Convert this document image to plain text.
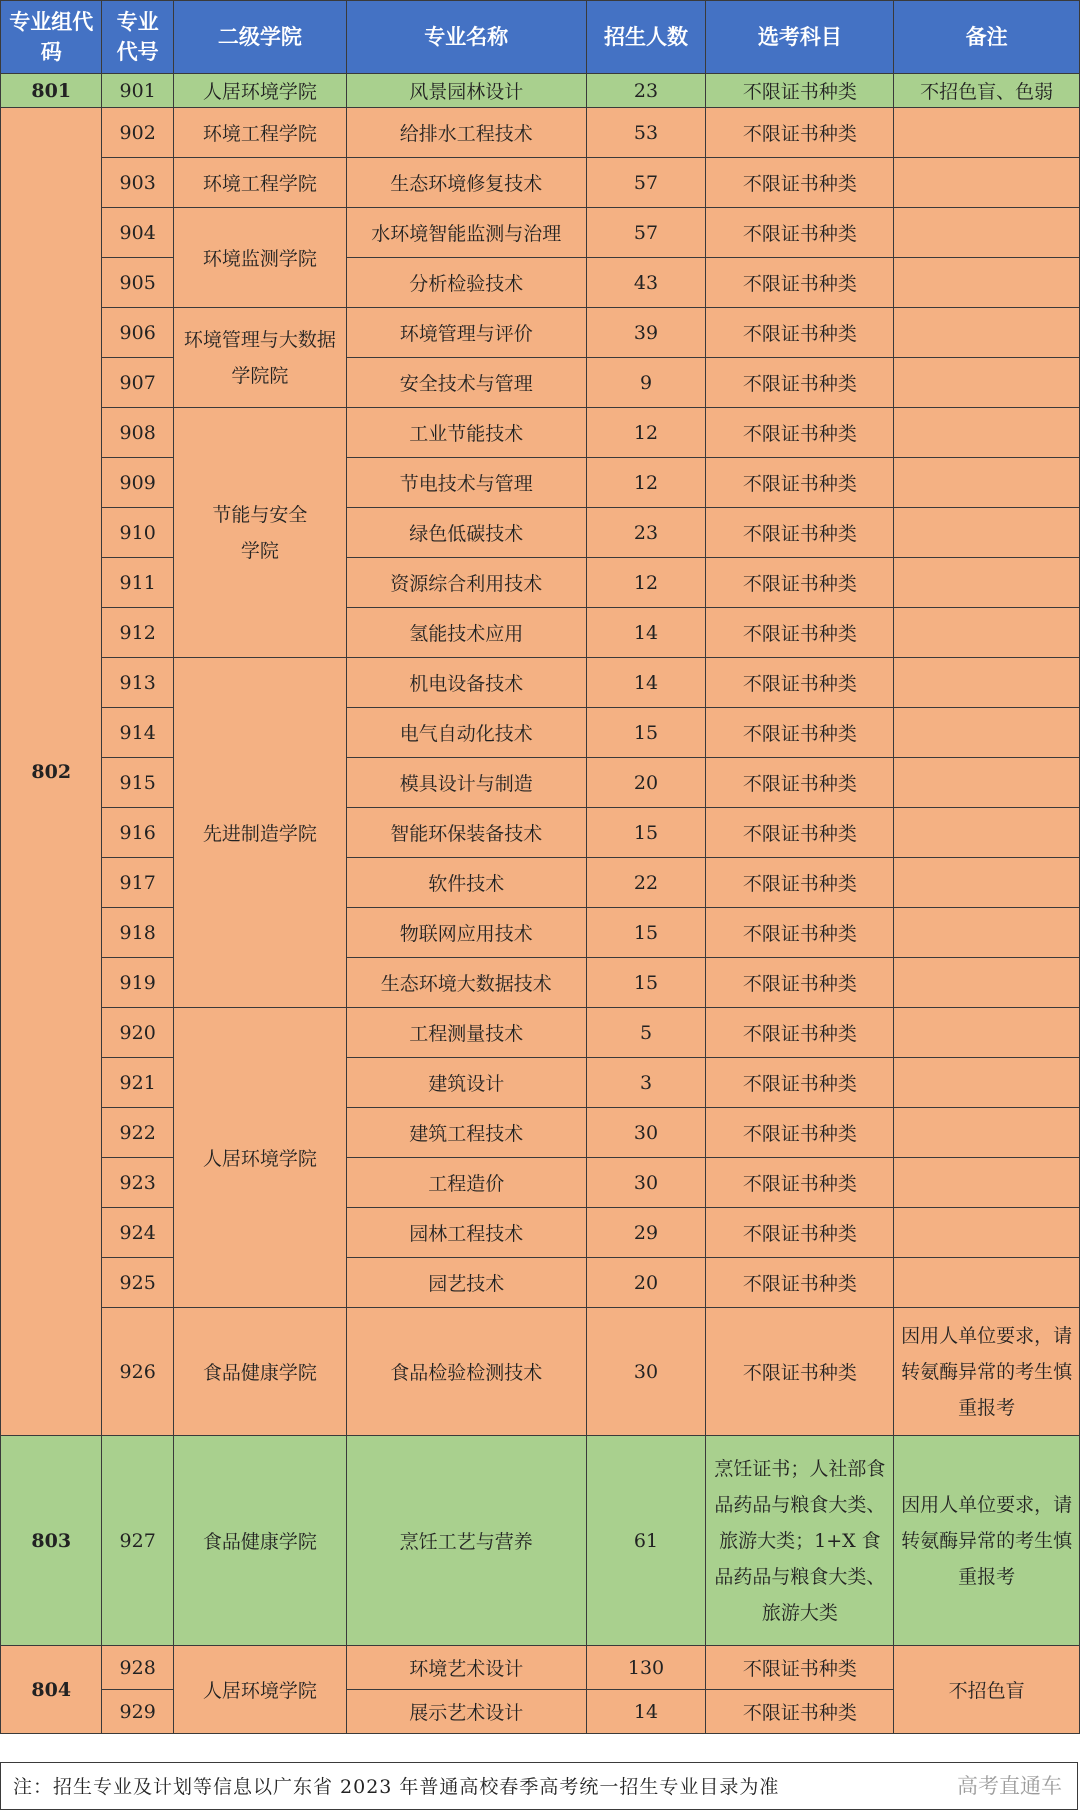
专业组代码	专业代号	二级学院	专业名称	招生人数	选考科目	备注
801	901	人居环境学院	风景园林设计	23	不限证书种类	不招色盲、色弱
802	902	环境工程学院	给排水工程技术	53	不限证书种类	
	903	环境工程学院	生态环境修复技术	57	不限证书种类	
	904	环境监测学院	水环境智能监测与治理	57	不限证书种类	
	905		分析检验技术	43	不限证书种类	
	906	环境管理与大数据学院院	环境管理与评价	39	不限证书种类	
	907		安全技术与管理	9	不限证书种类	
	908	节能与安全学院	工业节能技术	12	不限证书种类	
	909		节电技术与管理	12	不限证书种类	
	910		绿色低碳技术	23	不限证书种类	
	911		资源综合利用技术	12	不限证书种类	
	912		氢能技术应用	14	不限证书种类	
	913	先进制造学院	机电设备技术	14	不限证书种类	
	914		电气自动化技术	15	不限证书种类	
	915		模具设计与制造	20	不限证书种类	
	916		智能环保装备技术	15	不限证书种类	
	917		软件技术	22	不限证书种类	
	918		物联网应用技术	15	不限证书种类	
	919		生态环境大数据技术	15	不限证书种类	
	920	人居环境学院	工程测量技术	5	不限证书种类	
	921		建筑设计	3	不限证书种类	
	922		建筑工程技术	30	不限证书种类	
	923		工程造价	30	不限证书种类	
	924		园林工程技术	29	不限证书种类	
	925		园艺技术	20	不限证书种类	
	926	食品健康学院	食品检验检测技术	30	不限证书种类	因用人单位要求，请转氨酶异常的考生慎重报考
803	927	食品健康学院	烹饪工艺与营养	61	烹饪证书；人社部食品药品与粮食大类、旅游大类；1+X 食品药品与粮食大类、旅游大类	因用人单位要求，请转氨酶异常的考生慎重报考
804	928	人居环境学院	环境艺术设计	130	不限证书种类	不招色盲
	929		展示艺术设计	14	不限证书种类	
注：招生专业及计划等信息以广东省 2023 年普通高校春季高考统一招生专业目录为准	高考直通车
